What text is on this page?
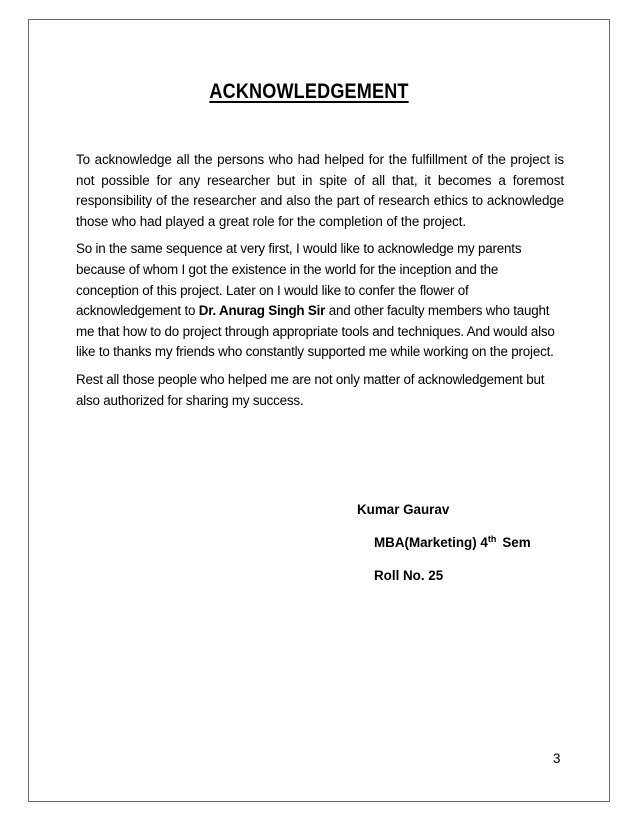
ACKNOWLEDGEMENT

To acknowledge all the persons who had helped for the fulfillment of the project is not possible for any researcher but in spite of all that, it becomes a foremost responsibility of the researcher and also the part of research ethics to acknowledge those who had played a great role for the completion of the project.

So in the same sequence at very first, I would like to acknowledge my parents because of whom I got the existence in the world for the inception and the conception of this project. Later on I would like to confer the flower of acknowledgement to Dr. Anurag Singh Sir and other faculty members who taught me that how to do project through appropriate tools and techniques. And would also like to thanks my friends who constantly supported me while working on the project.

Rest all those people who helped me are not only matter of acknowledgement but also authorized for sharing my success.

Kumar Gaurav

MBA(Marketing) 4th Sem

Roll No. 25

3
